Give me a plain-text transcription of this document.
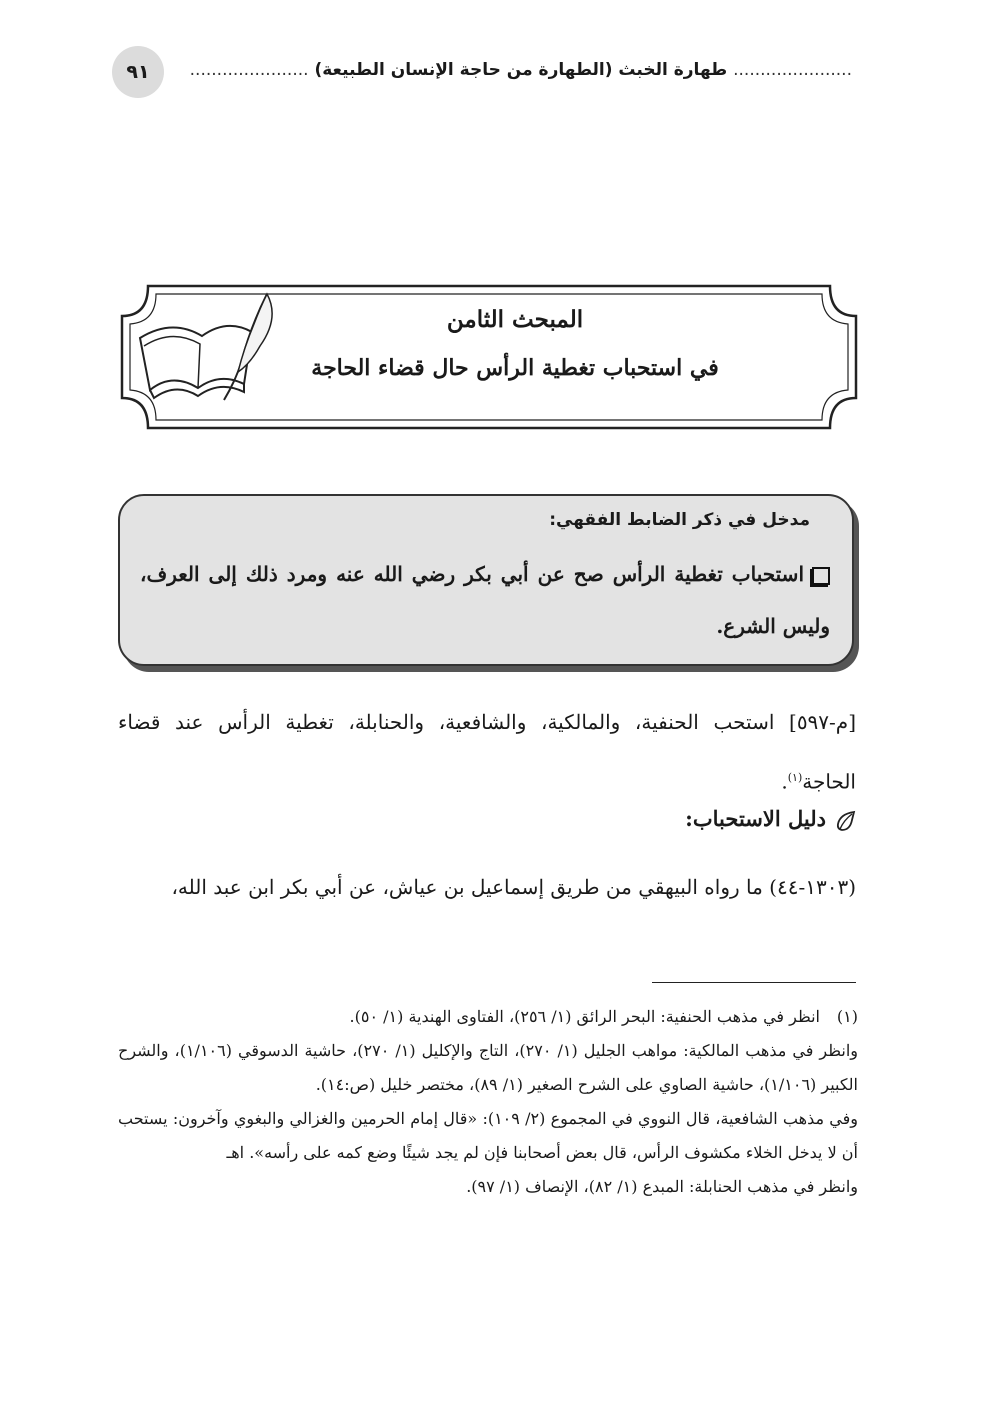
...................... طهارة الخبث (الطهارة من حاجة الإنسان الطبيعة) ......................
٩١

المبحث الثامن

في استحباب تغطية الرأس حال قضاء الحاجة

مدخل في ذكر الضابط الفقهي:
استحباب تغطية الرأس صح عن أبي بكر رضي الله عنه ومرد ذلك إلى العرف، وليس الشرع.
[م-٥٩٧] استحب الحنفية، والمالكية، والشافعية، والحنابلة، تغطية الرأس عند قضاء الحاجة$^{(١)}$.
دليل الاستحباب:
(١٣٠٣-٤٤) ما رواه البيهقي من طريق إسماعيل بن عياش، عن أبي بكر ابن عبد الله،
(١)انظر في مذهب الحنفية: البحر الرائق (١/ ٢٥٦)، الفتاوى الهندية (١/ ٥٠).
وانظر في مذهب المالكية: مواهب الجليل (١/ ٢٧٠)، التاج والإكليل (١/ ٢٧٠)، حاشية الدسوقي (١/١٠٦)، والشرح الكبير (١/١٠٦)، حاشية الصاوي على الشرح الصغير (١/ ٨٩)، مختصر خليل (ص:١٤).
وفي مذهب الشافعية، قال النووي في المجموع (٢/ ١٠٩): «قال إمام الحرمين والغزالي والبغوي وآخرون: يستحب أن لا يدخل الخلاء مكشوف الرأس، قال بعض أصحابنا فإن لم يجد شيئًا وضع كمه على رأسه». اهـ
وانظر في مذهب الحنابلة: المبدع (١/ ٨٢)، الإنصاف (١/ ٩٧).
